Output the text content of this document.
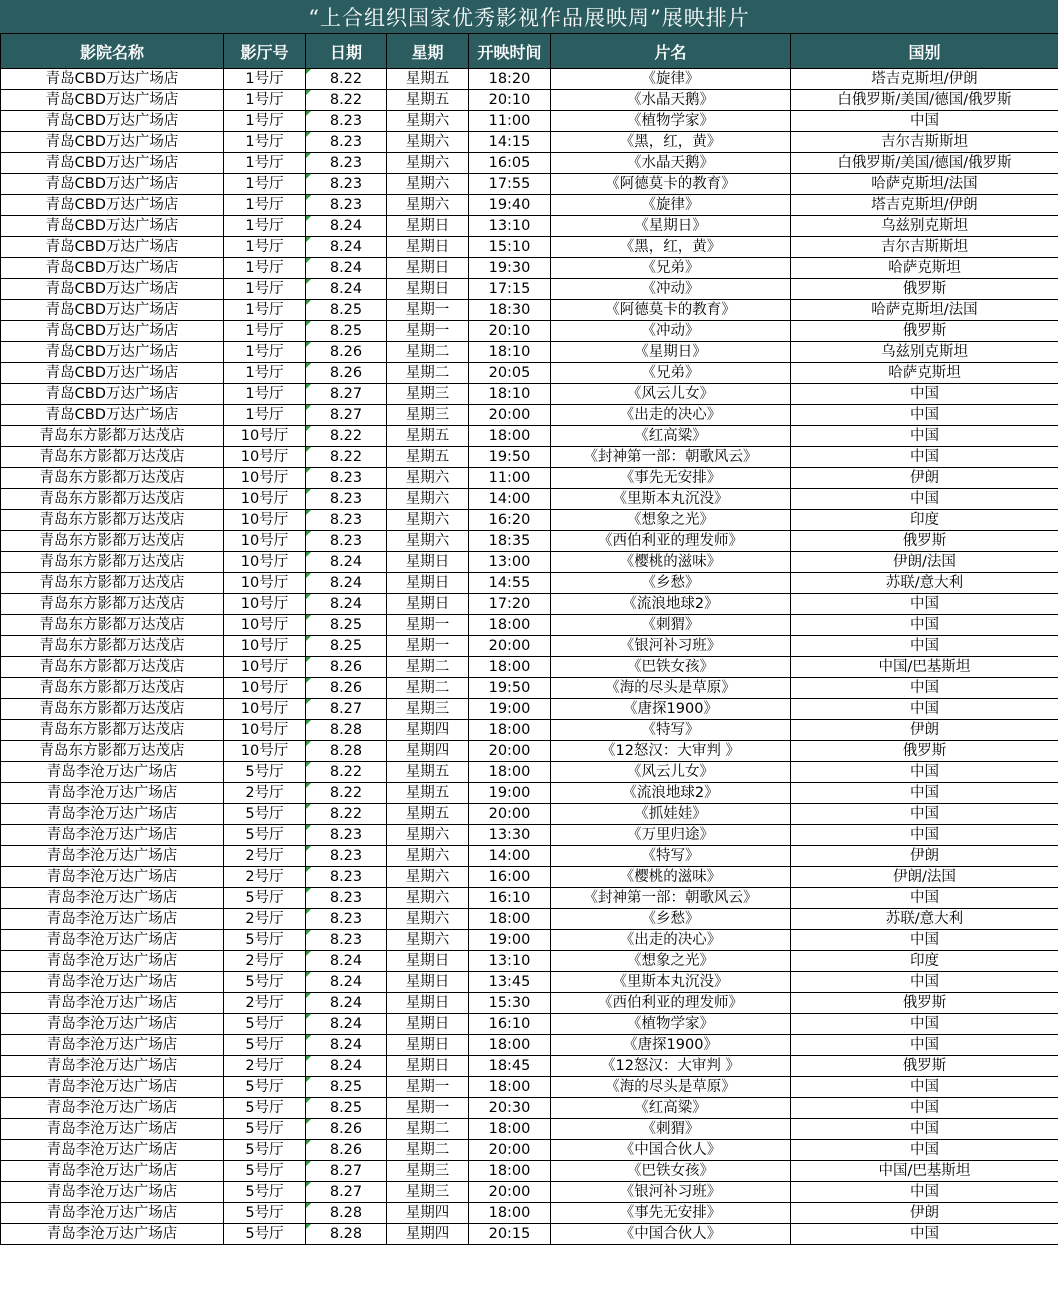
“上合组织国家优秀影视作品展映周”展映排片
影院名称	影厅号	日期	星期	开映时间	片名	国别
青岛CBD万达广场店	1号厅	8.22	星期五	18:20	《旋律》	塔吉克斯坦/伊朗
青岛CBD万达广场店	1号厅	8.22	星期五	20:10	《水晶天鹅》	白俄罗斯/美国/德国/俄罗斯
青岛CBD万达广场店	1号厅	8.23	星期六	11:00	《植物学家》	中国
青岛CBD万达广场店	1号厅	8.23	星期六	14:15	《黑，红，黄》	吉尔吉斯斯坦
青岛CBD万达广场店	1号厅	8.23	星期六	16:05	《水晶天鹅》	白俄罗斯/美国/德国/俄罗斯
青岛CBD万达广场店	1号厅	8.23	星期六	17:55	《阿德莫卡的教育》	哈萨克斯坦/法国
青岛CBD万达广场店	1号厅	8.23	星期六	19:40	《旋律》	塔吉克斯坦/伊朗
青岛CBD万达广场店	1号厅	8.24	星期日	13:10	《星期日》	乌兹别克斯坦
青岛CBD万达广场店	1号厅	8.24	星期日	15:10	《黑，红，黄》	吉尔吉斯斯坦
青岛CBD万达广场店	1号厅	8.24	星期日	19:30	《兄弟》	哈萨克斯坦
青岛CBD万达广场店	1号厅	8.24	星期日	17:15	《冲动》	俄罗斯
青岛CBD万达广场店	1号厅	8.25	星期一	18:30	《阿德莫卡的教育》	哈萨克斯坦/法国
青岛CBD万达广场店	1号厅	8.25	星期一	20:10	《冲动》	俄罗斯
青岛CBD万达广场店	1号厅	8.26	星期二	18:10	《星期日》	乌兹别克斯坦
青岛CBD万达广场店	1号厅	8.26	星期二	20:05	《兄弟》	哈萨克斯坦
青岛CBD万达广场店	1号厅	8.27	星期三	18:10	《风云儿女》	中国
青岛CBD万达广场店	1号厅	8.27	星期三	20:00	《出走的决心》	中国
青岛东方影都万达茂店	10号厅	8.22	星期五	18:00	《红高粱》	中国
青岛东方影都万达茂店	10号厅	8.22	星期五	19:50	《封神第一部：朝歌风云》	中国
青岛东方影都万达茂店	10号厅	8.23	星期六	11:00	《事先无安排》	伊朗
青岛东方影都万达茂店	10号厅	8.23	星期六	14:00	《里斯本丸沉没》	中国
青岛东方影都万达茂店	10号厅	8.23	星期六	16:20	《想象之光》	印度
青岛东方影都万达茂店	10号厅	8.23	星期六	18:35	《西伯利亚的理发师》	俄罗斯
青岛东方影都万达茂店	10号厅	8.24	星期日	13:00	《樱桃的滋味》	伊朗/法国
青岛东方影都万达茂店	10号厅	8.24	星期日	14:55	《乡愁》	苏联/意大利
青岛东方影都万达茂店	10号厅	8.24	星期日	17:20	《流浪地球2》	中国
青岛东方影都万达茂店	10号厅	8.25	星期一	18:00	《刺猬》	中国
青岛东方影都万达茂店	10号厅	8.25	星期一	20:00	《银河补习班》	中国
青岛东方影都万达茂店	10号厅	8.26	星期二	18:00	《巴铁女孩》	中国/巴基斯坦
青岛东方影都万达茂店	10号厅	8.26	星期二	19:50	《海的尽头是草原》	中国
青岛东方影都万达茂店	10号厅	8.27	星期三	19:00	《唐探1900》	中国
青岛东方影都万达茂店	10号厅	8.28	星期四	18:00	《特写》	伊朗
青岛东方影都万达茂店	10号厅	8.28	星期四	20:00	《12怒汉：大审判 》	俄罗斯
青岛李沧万达广场店	5号厅	8.22	星期五	18:00	《风云儿女》	中国
青岛李沧万达广场店	2号厅	8.22	星期五	19:00	《流浪地球2》	中国
青岛李沧万达广场店	5号厅	8.22	星期五	20:00	《抓娃娃》	中国
青岛李沧万达广场店	5号厅	8.23	星期六	13:30	《万里归途》	中国
青岛李沧万达广场店	2号厅	8.23	星期六	14:00	《特写》	伊朗
青岛李沧万达广场店	2号厅	8.23	星期六	16:00	《樱桃的滋味》	伊朗/法国
青岛李沧万达广场店	5号厅	8.23	星期六	16:10	《封神第一部：朝歌风云》	中国
青岛李沧万达广场店	2号厅	8.23	星期六	18:00	《乡愁》	苏联/意大利
青岛李沧万达广场店	5号厅	8.23	星期六	19:00	《出走的决心》	中国
青岛李沧万达广场店	2号厅	8.24	星期日	13:10	《想象之光》	印度
青岛李沧万达广场店	5号厅	8.24	星期日	13:45	《里斯本丸沉没》	中国
青岛李沧万达广场店	2号厅	8.24	星期日	15:30	《西伯利亚的理发师》	俄罗斯
青岛李沧万达广场店	5号厅	8.24	星期日	16:10	《植物学家》	中国
青岛李沧万达广场店	5号厅	8.24	星期日	18:00	《唐探1900》	中国
青岛李沧万达广场店	2号厅	8.24	星期日	18:45	《12怒汉：大审判 》	俄罗斯
青岛李沧万达广场店	5号厅	8.25	星期一	18:00	《海的尽头是草原》	中国
青岛李沧万达广场店	5号厅	8.25	星期一	20:30	《红高粱》	中国
青岛李沧万达广场店	5号厅	8.26	星期二	18:00	《刺猬》	中国
青岛李沧万达广场店	5号厅	8.26	星期二	20:00	《中国合伙人》	中国
青岛李沧万达广场店	5号厅	8.27	星期三	18:00	《巴铁女孩》	中国/巴基斯坦
青岛李沧万达广场店	5号厅	8.27	星期三	20:00	《银河补习班》	中国
青岛李沧万达广场店	5号厅	8.28	星期四	18:00	《事先无安排》	伊朗
青岛李沧万达广场店	5号厅	8.28	星期四	20:15	《中国合伙人》	中国
